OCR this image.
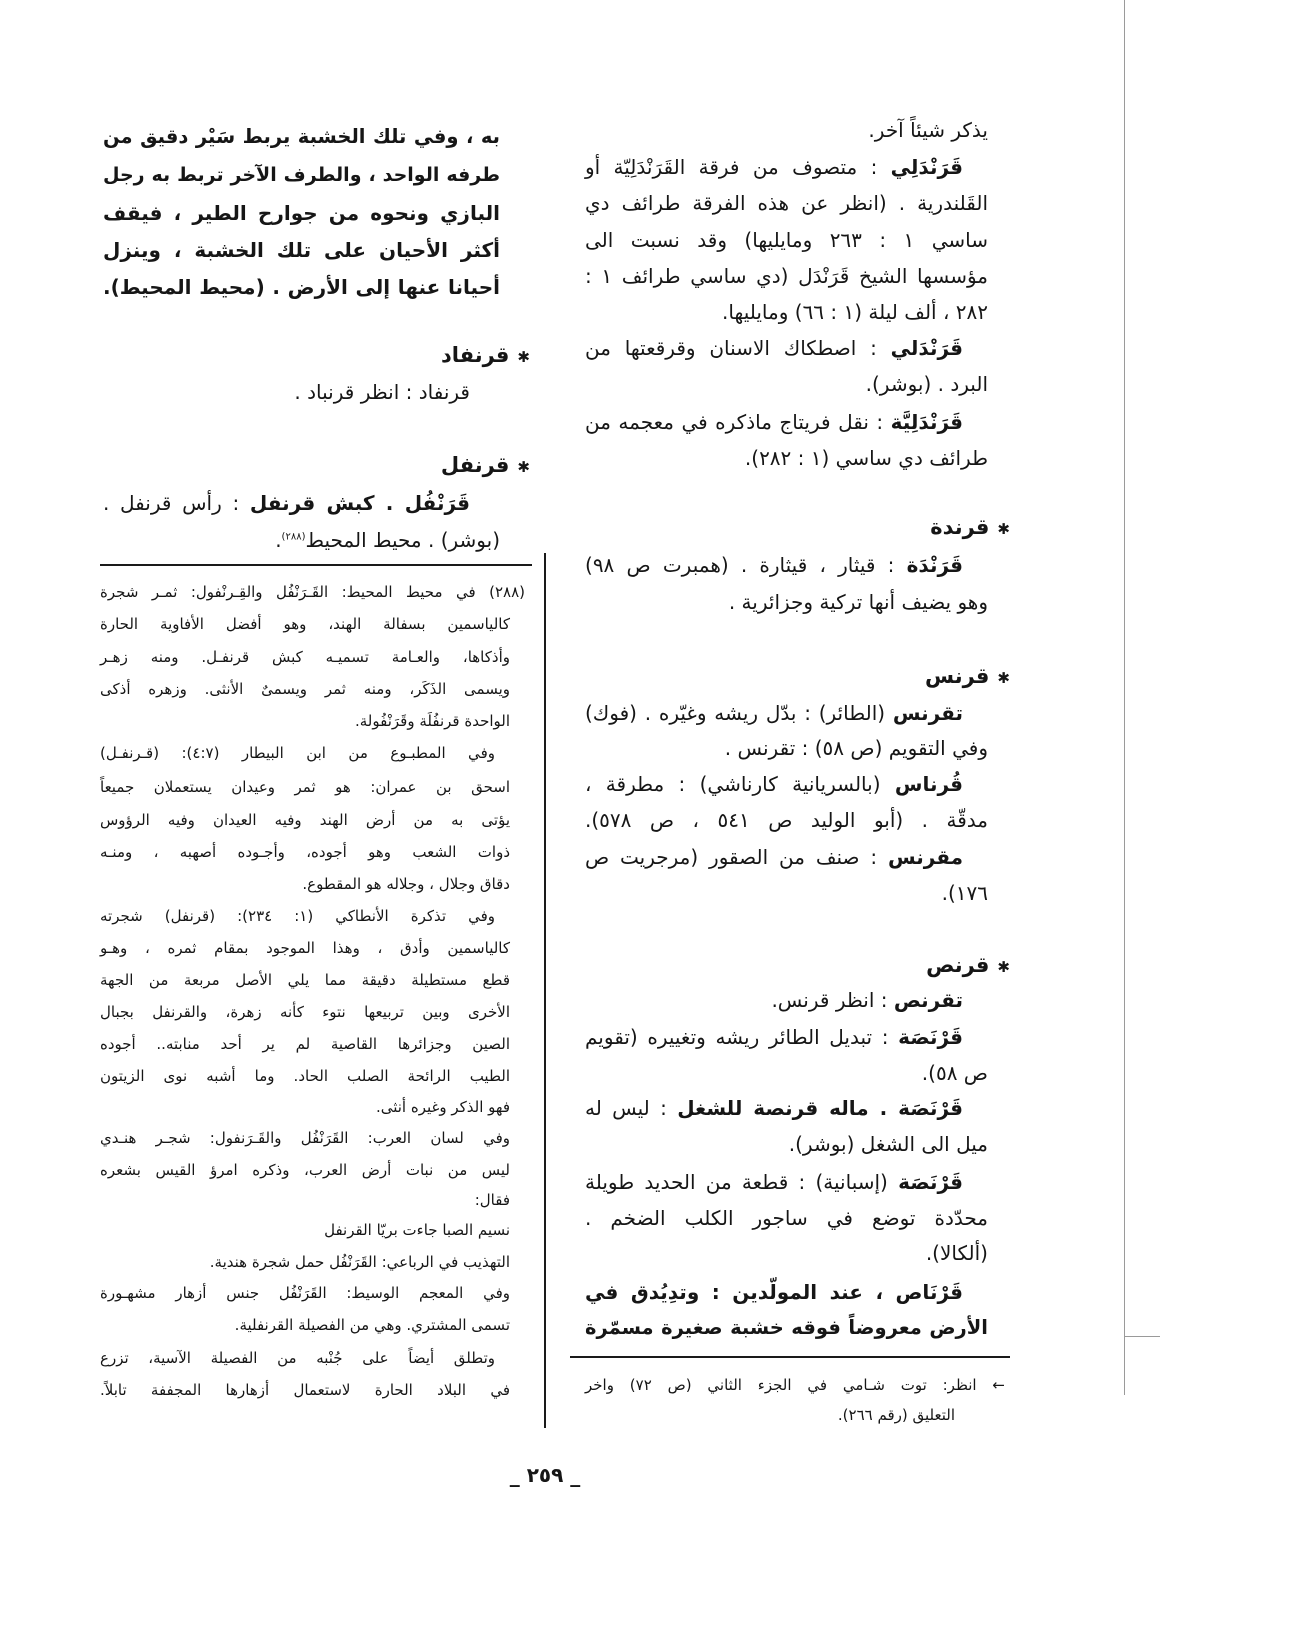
يذكر شيئاً آخر.
قَرَنْدَلِي : متصوف من فرقة القَرَنْدَلِيّة أو
القَلندرية . (انظر عن هذه الفرقة طرائف دي
ساسي ١ : ٢٦٣ ومايليها) وقد نسبت الى
مؤسسها الشيخ قَرَنْدَل (دي ساسي طرائف ١ :
٢٨٢ ، ألف ليلة (١ : ٦٦) ومايليها.
قَرَنْدَلي : اصطكاك الاسنان وقرقعتها من
البرد . (بوشر).
قَرَنْدَلِيَّة : نقل فريتاج ماذكره في معجمه من
طرائف دي ساسي (١ : ٢٨٢).
✱ قرندة
قَرَنْدَة : قيثار ، قيثارة . (همبرت ص ٩٨)
وهو يضيف أنها تركية وجزائرية .
✱ قرنس
تقرنس (الطائر) : بدّل ريشه وغيّره . (فوك)
وفي التقويم (ص ٥٨) : تقرنس .
قُرناس (بالسريانية كارناشي) : مطرقة ،
مدقّة . (أبو الوليد ص ٥٤١ ، ص ٥٧٨).
مقرنس : صنف من الصقور (مرجريت ص
١٧٦).
✱ قرنص
تقرنص : انظر قرنس.
قَرْنَصَة : تبديل الطائر ريشه وتغييره (تقويم
ص ٥٨).
قَرْنَصَة . ماله قرنصة للشغل : ليس له
ميل الى الشغل (بوشر).
قَرْنَصَة (إسبانية) : قطعة من الحديد طويلة
محدّدة توضع في ساجور الكلب الضخم .
(ألكالا).
قَرْنَاص ، عند المولّدين : وتدِيُدق في
الأرض معروضاً فوقه خشبة صغيرة مسمّرة
← انظر: توت شـامي في الجزء الثاني (ص ٧٢) واخر
التعليق (رقم ٢٦٦).
به ، وفي تلك الخشبة يربط سَيْر دقيق من
طرفه الواحد ، والطرف الآخر تربط به رجل
البازي ونحوه من جوارح الطير ، فيقف
أكثر الأحيان على تلك الخشبة ، وينزل
أحيانا عنها إلى الأرض . (محيط المحيط).
✱ قرنفاد
قرنفاد : انظر قرنباد .
✱ قرنفل
قَرَنْفُل . كبش قرنفل : رأس قرنفل .
(بوشر) . محيط المحيط$^{(٢٨٨)}$.
(٢٨٨) في محيط المحيط: القَـرَنْفُل والقِـرنْفول: ثمـر شجرة
كالياسمين بسفالة الهند، وهو أفضل الأفاوية الحارة
وأذكاها، والعـامة تسميـه كبش قرنفـل. ومنه زهـر
ويسمى الذَكَر، ومنه ثمر ويسمىٌ الأنثى. وزهره أذكى
الواحدة قرنفُلَة وقَرَنْفُولة.
وفي المطبـوع من ابن البيطار (٤:٧): (قـرنفـل)
اسحق بن عمران: هو ثمر وعيدان يستعملان جميعاً
يؤتى به من أرض الهند وفيه العيدان وفيه الرؤوس
ذوات الشعب وهو أجوده، وأجـوده أصهبه ، ومنـه
دقاق وجلال ، وجلاله هو المقطوع.
وفي تذكرة الأنطاكي (١: ٢٣٤): (قرنفل) شجرته
كالياسمين وأدق ، وهذا الموجود بمقام ثمره ، وهـو
قطع مستطيلة دقيقة مما يلي الأصل مربعة من الجهة
الأخرى وبين تربيعها نتوء كأنه زهرة، والقرنفل بجبال
الصين وجزائرها القاصية لم ير أحد منابته.. أجوده
الطيب الرائحة الصلب الحاد. وما أشبه نوى الزيتون
فهو الذكر وغيره أنثى.
وفي لسان العرب: القَرَنْفُل والقَـرَنفول: شجـر هنـدي
ليس من نبات أرض العرب، وذكره امرؤ القيس بشعره
فقال:
نسيم الصبا جاءت بريّا القرنفل
التهذيب في الرباعي: القَرَنْفُل حمل شجرة هندية.
وفي المعجم الوسيط: القَرَنْفُل جنس أزهار مشهـورة
تسمى المشتري. وهي من الفصيلة القرنفلية.
وتطلق أيضاً على جُنْبه من الفصيلة الآسية، تزرع
في البلاد الحارة لاستعمال أزهارها المجففة تابلاً.
_ ٢٥٩ _
